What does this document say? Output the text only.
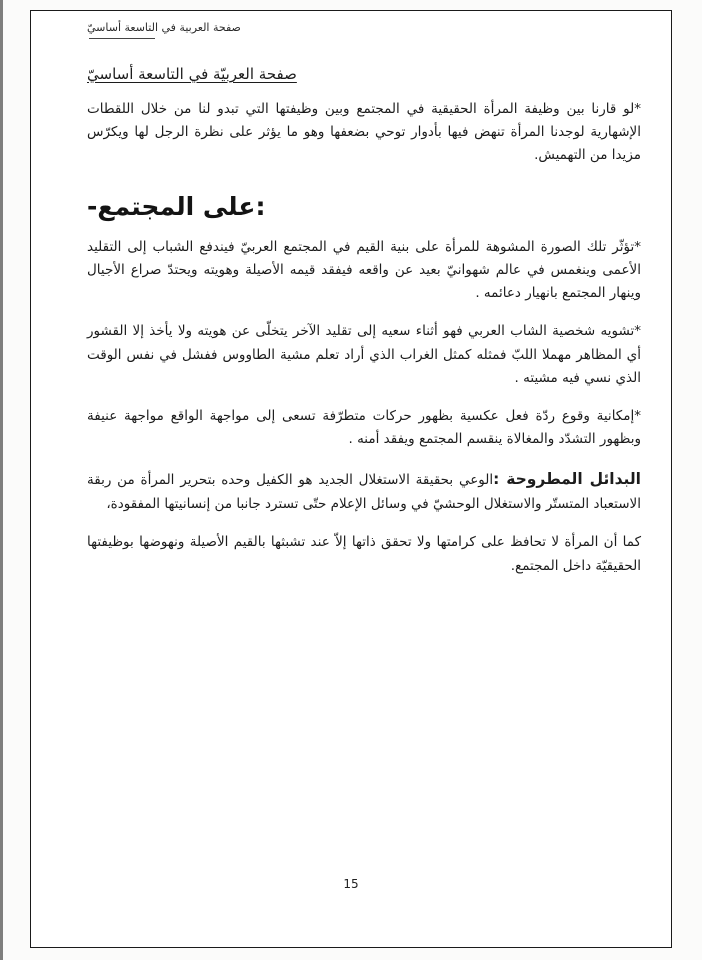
صفحة العربية في التاسعة أساسيّ
صفحة العربيّة في التاسعة أساسيّ

*لو قارنا بين وظيفة المرأة الحقيقية في المجتمع وبين وظيفتها التي تبدو لنا من خلال اللقطات الإشهارية لوجدنا المرأة تنهض فيها بأدوار توحي بضعفها وهو ما يؤثر على نظرة الرجل لها ويكرّس مزيدا من التهميش.

-على المجتمع:

*تؤثّر تلك الصورة المشوهة للمرأة على بنية القيم في المجتمع العربيّ فيندفع الشباب إلى التقليد الأعمى وينغمس في عالم شهوانيّ بعيد عن واقعه فيفقد قيمه الأصيلة وهويته ويحتدّ صراع الأجيال وينهار المجتمع بانهيار دعائمه .

*تشويه شخصية الشاب العربي فهو أثناء سعيه إلى تقليد الآخر يتخلّى عن هويته ولا يأخذ إلا القشور أي المظاهر مهملا اللبّ فمثله كمثل الغراب الذي أراد تعلم مشية الطاووس ففشل في نفس الوقت الذي نسي فيه مشيته .

*إمكانية وقوع ردّة فعل عكسية بظهور حركات متطرّفة تسعى إلى مواجهة الواقع مواجهة عنيفة وبظهور التشدّد والمغالاة ينقسم المجتمع ويفقد أمنه .

البدائل المطروحة :الوعي بحقيقة الاستغلال الجديد هو الكفيل وحده بتحرير المرأة من ربقة الاستعباد المتستّر والاستغلال الوحشيّ في وسائل الإعلام حتّى تسترد جانبا من إنسانيتها المفقودة،

كما أن المرأة لا تحافظ على كرامتها ولا تحقق ذاتها إلاّ عند تشبثها بالقيم الأصيلة ونهوضها بوظيفتها الحقيقيّة داخل المجتمع.

15
